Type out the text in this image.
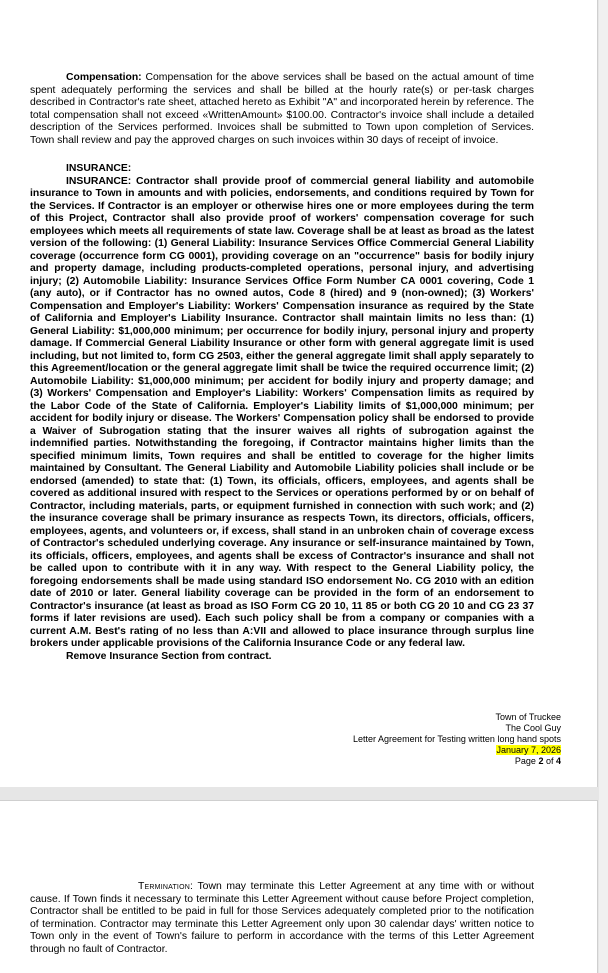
Compensation: Compensation for the above services shall be based on the actual amount of time spent adequately performing the services and shall be billed at the hourly rate(s) or per-task charges described in Contractor's rate sheet, attached hereto as Exhibit "A" and incorporated herein by reference. The total compensation shall not exceed «WrittenAmount» $100.00. Contractor's invoice shall include a detailed description of the Services performed. Invoices shall be submitted to Town upon completion of Services. Town shall review and pay the approved charges on such invoices within 30 days of receipt of invoice.

INSURANCE:

INSURANCE: Contractor shall provide proof of commercial general liability and automobile insurance to Town in amounts and with policies, endorsements, and conditions required by Town for the Services. If Contractor is an employer or otherwise hires one or more employees during the term of this Project, Contractor shall also provide proof of workers' compensation coverage for such employees which meets all requirements of state law. Coverage shall be at least as broad as the latest version of the following: (1) General Liability: Insurance Services Office Commercial General Liability coverage (occurrence form CG 0001), providing coverage on an "occurrence" basis for bodily injury and property damage, including products-completed operations, personal injury, and advertising injury; (2) Automobile Liability: Insurance Services Office Form Number CA 0001 covering, Code 1 (any auto), or if Contractor has no owned autos, Code 8 (hired) and 9 (non-owned); (3) Workers' Compensation and Employer's Liability: Workers' Compensation insurance as required by the State of California and Employer's Liability Insurance. Contractor shall maintain limits no less than: (1) General Liability: $1,000,000 minimum; per occurrence for bodily injury, personal injury and property damage. If Commercial General Liability Insurance or other form with general aggregate limit is used including, but not limited to, form CG 2503, either the general aggregate limit shall apply separately to this Agreement/location or the general aggregate limit shall be twice the required occurrence limit; (2) Automobile Liability: $1,000,000 minimum; per accident for bodily injury and property damage; and (3) Workers' Compensation and Employer's Liability: Workers' Compensation limits as required by the Labor Code of the State of California. Employer's Liability limits of $1,000,000 minimum; per accident for bodily injury or disease. The Workers' Compensation policy shall be endorsed to provide a Waiver of Subrogation stating that the insurer waives all rights of subrogation against the indemnified parties. Notwithstanding the foregoing, if Contractor maintains higher limits than the specified minimum limits, Town requires and shall be entitled to coverage for the higher limits maintained by Consultant. The General Liability and Automobile Liability policies shall include or be endorsed (amended) to state that: (1) Town, its officials, officers, employees, and agents shall be covered as additional insured with respect to the Services or operations performed by or on behalf of Contractor, including materials, parts, or equipment furnished in connection with such work; and (2) the insurance coverage shall be primary insurance as respects Town, its directors, officials, officers, employees, agents, and volunteers or, if excess, shall stand in an unbroken chain of coverage excess of Contractor's scheduled underlying coverage. Any insurance or self-insurance maintained by Town, its officials, officers, employees, and agents shall be excess of Contractor's insurance and shall not be called upon to contribute with it in any way. With respect to the General Liability policy, the foregoing endorsements shall be made using standard ISO endorsement No. CG 2010 with an edition date of 2010 or later. General liability coverage can be provided in the form of an endorsement to Contractor's insurance (at least as broad as ISO Form CG 20 10, 11 85 or both CG 20 10 and CG 23 37 forms if later revisions are used). Each such policy shall be from a company or companies with a current A.M. Best's rating of no less than A:VII and allowed to place insurance through surplus line brokers under applicable provisions of the California Insurance Code or any federal law.

Remove Insurance Section from contract.

Town of Truckee
The Cool Guy
Letter Agreement for Testing written long hand spots
January 7, 2026
Page 2 of 4

Termination: Town may terminate this Letter Agreement at any time with or without cause. If Town finds it necessary to terminate this Letter Agreement without cause before Project completion, Contractor shall be entitled to be paid in full for those Services adequately completed prior to the notification of termination. Contractor may terminate this Letter Agreement only upon 30 calendar days' written notice to Town only in the event of Town's failure to perform in accordance with the terms of this Letter Agreement through no fault of Contractor.
